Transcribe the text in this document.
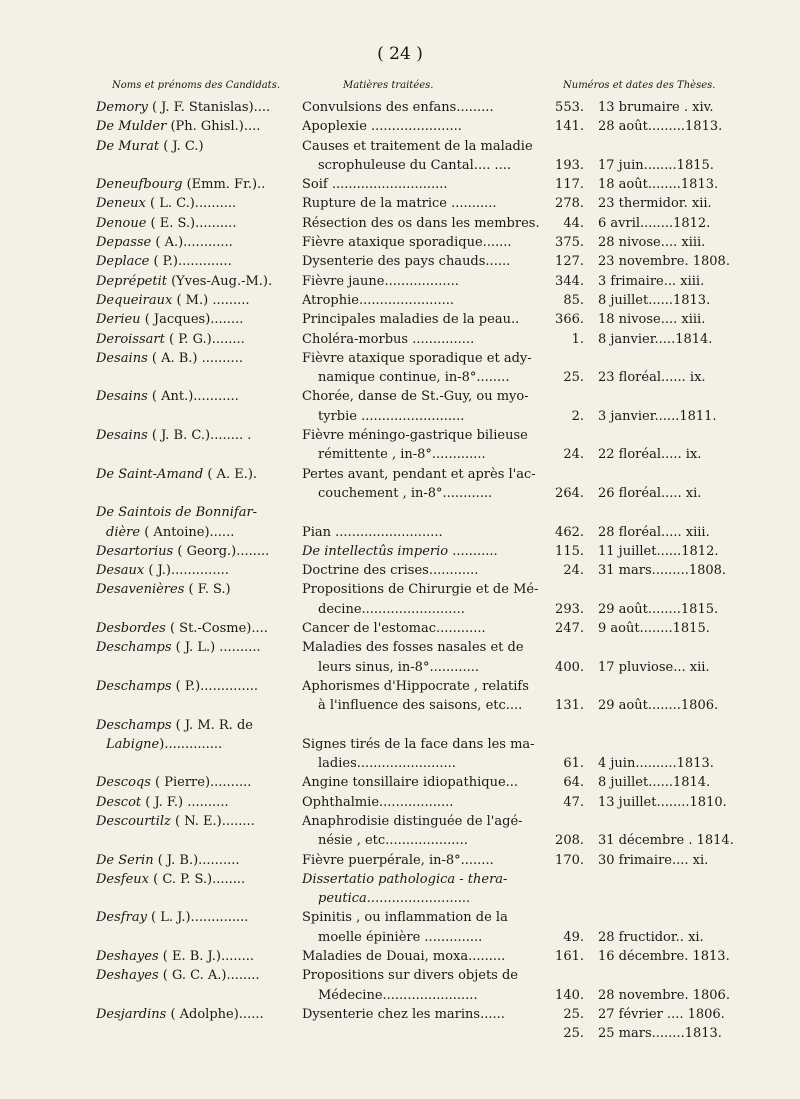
( 24 )
Noms et prénoms des Candidats.	Matières traitées.	Numéros et dates des Thèses.
Demory ( J. F. Stanislas)....	Convulsions des enfans.........	553. 13 brumaire . xiv.
De Mulder (Ph. Ghisl.)....	Apoplexie ......................	141. 28 août.........1813.
De Murat ( J. C.)	Causes et traitement de la maladie
scrophuleuse du Cantal.... ....	193. 17 juin........1815.
Deneufbourg (Emm. Fr.)..	Soif ............................	117. 18 août........1813.
Deneux ( L. C.)..........	Rupture de la matrice ...........	278. 23 thermidor. xii.
Denoue ( E. S.)..........	Résection des os dans les membres.	44. 6 avril........1812.
Depasse ( A.)............	Fièvre ataxique sporadique.......	375. 28 nivose.... xiii.
Deplace ( P.).............	Dysenterie des pays chauds......	127. 23 novembre. 1808.
Deprépetit (Yves-Aug.-M.).	Fièvre jaune..................	344. 3 frimaire... xiii.
Dequeiraux ( M.) .........	Atrophie.......................	85. 8 juillet......1813.
Derieu ( Jacques)........	Principales maladies de la peau..	366. 18 nivose.... xiii.
Deroissart ( P. G.)........	Choléra-morbus ...............	1. 8 janvier.....1814.
Desains ( A. B.) ..........	Fièvre ataxique sporadique et ady-
namique continue, in-8°........	25. 23 floréal...... ix.
Desains ( Ant.)...........	Chorée, danse de St.-Guy, ou myo-
tyrbie .........................	2. 3 janvier......1811.
Desains ( J. B. C.)........ .	Fièvre méningo-gastrique bilieuse
rémittente , in-8°.............	24. 22 floréal..... ix.
De Saint-Amand ( A. E.).	Pertes avant, pendant et après l'ac-
couchement , in-8°............	264. 26 floréal..... xi.
De Saintois de Bonnifar-
dière ( Antoine)......	Pian ..........................	462. 28 floréal..... xiii.
Desartorius ( Georg.)........	De intellectûs imperio ...........	115. 11 juillet......1812.
Desaux ( J.)..............	Doctrine des crises............	24. 31 mars.........1808.
Desavenières ( F. S.)	Propositions de Chirurgie et de Mé-
decine.........................	293. 29 août........1815.
Desbordes ( St.-Cosme)....	Cancer de l'estomac............	247. 9 août........1815.
Deschamps ( J. L.) ..........	Maladies des fosses nasales et de
leurs sinus, in-8°............	400. 17 pluviose... xii.
Deschamps ( P.)..............	Aphorismes d'Hippocrate , relatifs
à l'influence des saisons, etc....	131. 29 août........1806.
Deschamps ( J. M. R. de
Labigne)..............	Signes tirés de la face dans les ma-
ladies........................	61. 4 juin..........1813.
Descoqs ( Pierre)..........	Angine tonsillaire idiopathique...	64. 8 juillet......1814.
Descot ( J. F.) ..........	Ophthalmie..................	47. 13 juillet........1810.
Descourtilz ( N. E.)........	Anaphrodisie distinguée de l'agé-
nésie , etc....................	208. 31 décembre . 1814.
De Serin ( J. B.)..........	Fièvre puerpérale, in-8°........	170. 30 frimaire.... xi.
Desfeux ( C. P. S.)........	Dissertatio pathologica - thera-
peutica.........................
Desfray ( L. J.)..............	Spinitis , ou inflammation de la
moelle épinière ..............	49. 28 fructidor.. xi.
Deshayes ( E. B. J.)........	Maladies de Douai, moxa.........	161. 16 décembre. 1813.
Deshayes ( G. C. A.)........	Propositions sur divers objets de
Médecine.......................	140. 28 novembre. 1806.
Desjardins ( Adolphe)......	Dysenterie chez les marins......	25. 27 février .... 1806.
25. 25 mars........1813.
